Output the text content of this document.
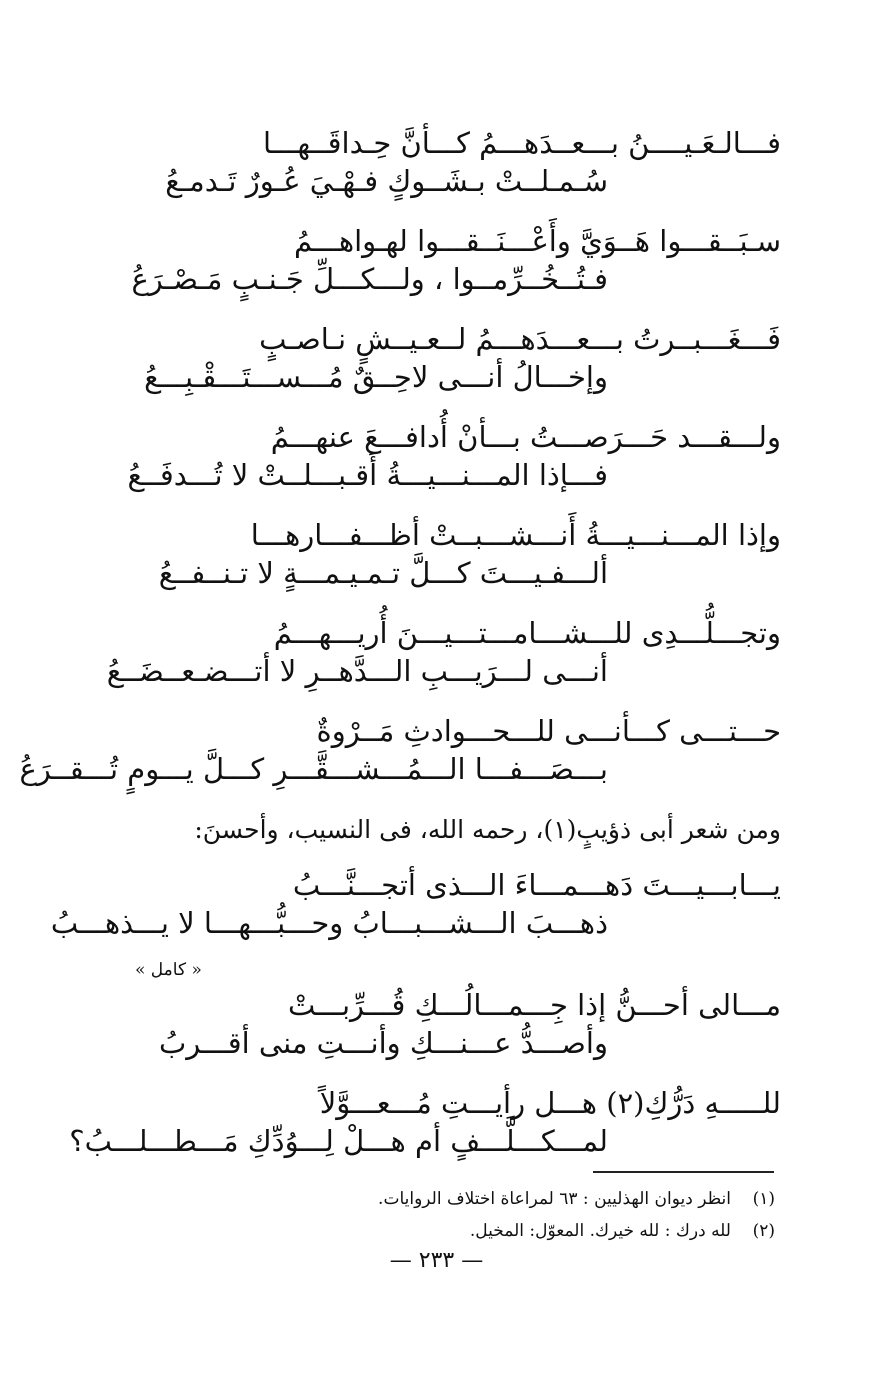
فـــالـعَـيــــنُ بـــعــدَهـــمُ كـــأنَّ حِـداقَــهـــا
سُـمـلــتْ بـشَــوكٍ فـهْـيَ عُـورٌ تَـدمـعُ
سـبَــقـــوا هَــوَيَّ وأَعْـــنَــقـــوا لهـواهـــمُ
فـتُــخُــرِّمــوا ، ولـــكـــلِّ جَـنـبٍ مَـصْـرَعُ
فَـــغَـــبــرتُ بـــعـــدَهـــمُ لــعـيــشٍ نـاصـبٍ
وإخـــالُ أنـــى لاحِــقٌ مُـــســـتَـــقْـبِـــعُ
ولـــقـــد حَـــرَصـــتُ بـــأنْ أُدافـــعَ عنهـــمُ
فـــإذا المـــنـــيـــةُ أَقـبـــلــتْ لا تُـــدفَــعُ
وإذا المـــنـــيـــةُ أَنـــشـــبــتْ أظـــفـــارهـــا
ألـــفـيـــتَ كـــلَّ تـمـيـمـــةٍ لا تـنــفــعُ
وتجـــلُّـــدِى للـــشـــامـــتـــيـــنَ أُريـــهـــمُ
أنـــى لـــرَيـــبِ الـــدَّهــرِ لا أتـــضـعــضَــعُ
حـــتـــى كـــأنـــى للـــحـــوادثِ مَــرْوةٌ
بـــصَـــفـــا الـــمُـــشـــقَّـــرِ كـــلَّ يـــومٍ تُـــقــرَعُ
ومن شعر أبى ذؤيبٍ(١)، رحمه الله، فى النسيب، وأحسنَ:
يـــابـــيـــتَ دَهـــمـــاءَ الـــذى أتجـــنَّـــبُ
ذهـــبَ الـــشـــبـــابُ وحـــبُّـــهـــا لا يـــذهـــبُ
« كامل »
مـــالى أحـــنُّ إذا جِـــمـــالُـــكِ قُـــرِّبـــتْ
وأصـــدُّ عـــنـــكِ وأنـــتِ منى أقـــربُ
للـــــهِ دَرُّكِ(٢) هـــل رأيـــتِ مُـــعـــوَّلاً
لمـــكـــلَّـــفٍ أم هـــلْ لِـــوُدِّكِ مَـــطـــلـــبُ؟
(١)انظر ديوان الهذليين : ٦٣ لمراعاة اختلاف الروايات.
(٢)لله درك : لله خيرك. المعوّل: المخيل.
— ٢٣٣ —
